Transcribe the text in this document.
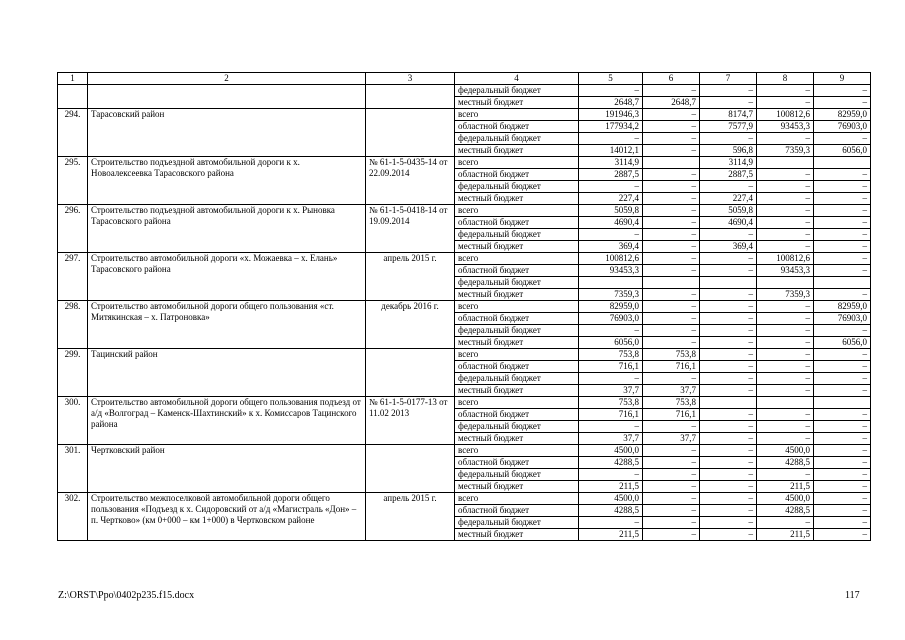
1	2	3	4	5	6	7	8	9
			федеральный бюджет	–	–	–	–	–
			местный бюджет	2648,7	2648,7	–	–	–
294.	Тарасовский район		всего	191946,3	–	8174,7	100812,6	82959,0
			областной бюджет	177934,2	–	7577,9	93453,3	76903,0
			федеральный бюджет	–	–	–	–	–
			местный бюджет	14012,1	–	596,8	7359,3	6056,0
295.	Строительство подъездной автомобильной дороги к х. Новоалексеевка Тарасовского района	№ 61-1-5-0435-14 от 22.09.2014	всего	3114,9		3114,9		
			областной бюджет	2887,5	–	2887,5	–	–
			федеральный бюджет	–	–	–	–	–
			местный бюджет	227,4	–	227,4	–	–
296.	Строительство подъездной автомобильной дороги к х. Рыновка Тарасовского района	№ 61-1-5-0418-14 от 19.09.2014	всего	5059,8	–	5059,8	–	–
			областной бюджет	4690,4	–	4690,4	–	–
			федеральный бюджет	–	–	–	–	–
			местный бюджет	369,4	–	369,4	–	–
297.	Строительство автомобильной дороги «х. Можаевка – х. Елань» Тарасовского района	апрель 2015 г.	всего	100812,6	–	–	100812,6	–
			областной бюджет	93453,3	–	–	93453,3	–
			федеральный бюджет					
			местный бюджет	7359,3	–	–	7359,3	–
298.	Строительство автомобильной дороги общего пользования «ст. Митякинская – х. Патроновка»	декабрь 2016 г.	всего	82959,0	–	–	–	82959,0
			областной бюджет	76903,0	–	–	–	76903,0
			федеральный бюджет	–	–	–	–	–
			местный бюджет	6056,0	–	–	–	6056,0
299.	Тацинский район		всего	753,8	753,8	–	–	–
			областной бюджет	716,1	716,1	–	–	–
			федеральный бюджет	–	–	–	–	–
			местный бюджет	37,7	37,7	–	–	–
300.	Строительство автомобильной дороги общего пользования подъезд от а/д «Волгоград – Каменск-Шахтинский» к х. Комиссаров Тацинского района	№ 61-1-5-0177-13 от 11.02 2013	всего	753,8	753,8			
			областной бюджет	716,1	716,1	–	–	–
			федеральный бюджет	–	–	–	–	–
			местный бюджет	37,7	37,7	–	–	–
301.	Чертковский район		всего	4500,0	–	–	4500,0	–
			областной бюджет	4288,5	–	–	4288,5	–
			федеральный бюджет	–	–	–	–	–
			местный бюджет	211,5	–	–	211,5	–
302.	Строительство межпоселковой автомобильной дороги общего пользования «Подъезд к х. Сидоровский от а/д «Магистраль «Дон» – п. Чертково» (км 0+000 – км 1+000) в Чертковском районе	апрель 2015 г.	всего	4500,0	–	–	4500,0	–
			областной бюджет	4288,5	–	–	4288,5	–
			федеральный бюджет	–	–	–	–	–
			местный бюджет	211,5	–	–	211,5	–
Z:\ORST\Ppo\0402p235.f15.docx	117
